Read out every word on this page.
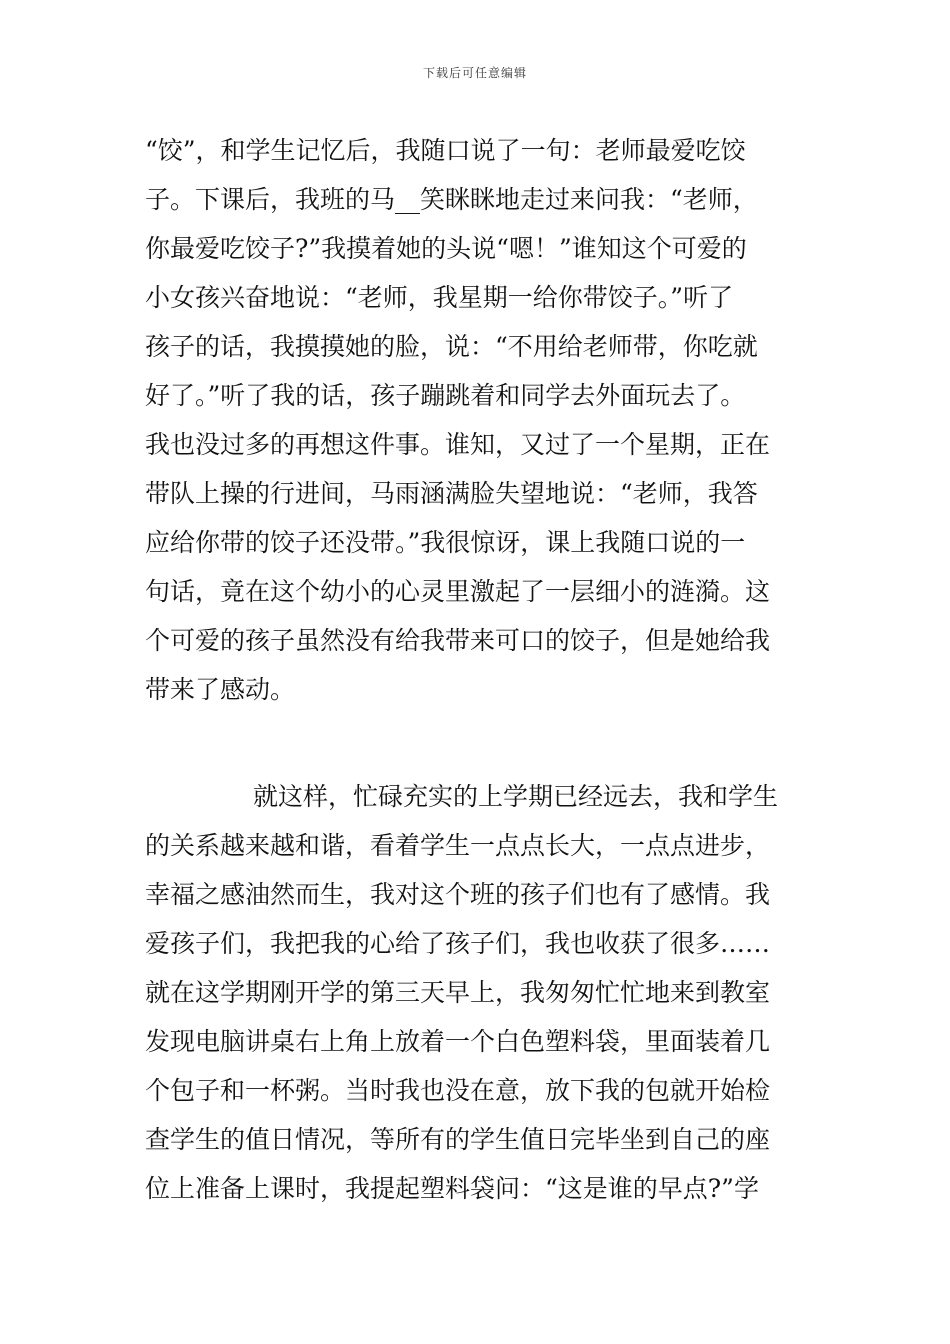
下载后可任意编辑
“饺”，和学生记忆后，我随口说了一句：老师最爱吃饺
子。下课后，我班的马__笑眯眯地走过来问我：“老师，
你最爱吃饺子?”我摸着她的头说“嗯！”谁知这个可爱的
小女孩兴奋地说：“老师，我星期一给你带饺子。”听了
孩子的话，我摸摸她的脸，说：“不用给老师带，你吃就
好了。”听了我的话，孩子蹦跳着和同学去外面玩去了。
我也没过多的再想这件事。谁知，又过了一个星期，正在
带队上操的行进间，马雨涵满脸失望地说：“老师，我答
应给你带的饺子还没带。”我很惊讶，课上我随口说的一
句话，竟在这个幼小的心灵里激起了一层细小的涟漪。这
个可爱的孩子虽然没有给我带来可口的饺子，但是她给我
带来了感动。
就这样，忙碌充实的上学期已经远去，我和学生
的关系越来越和谐，看着学生一点点长大，一点点进步，
幸福之感油然而生，我对这个班的孩子们也有了感情。我
爱孩子们，我把我的心给了孩子们，我也收获了很多……
就在这学期刚开学的第三天早上，我匆匆忙忙地来到教室
发现电脑讲桌右上角上放着一个白色塑料袋，里面装着几
个包子和一杯粥。当时我也没在意，放下我的包就开始检
查学生的值日情况，等所有的学生值日完毕坐到自己的座
位上准备上课时，我提起塑料袋问：“这是谁的早点?”学
